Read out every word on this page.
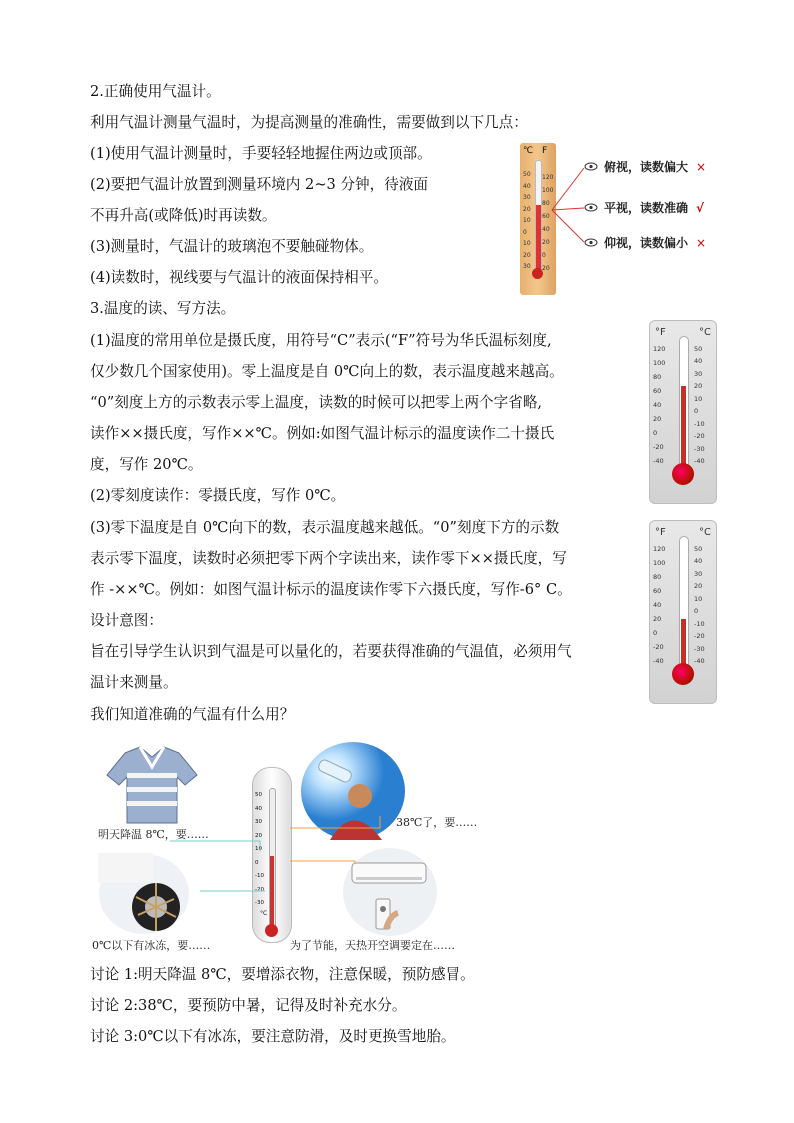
2.正确使用气温计。
利用气温计测量气温时，为提高测量的准确性，需要做到以下几点：
(1)使用气温计测量时，手要轻轻地握住两边或顶部。
(2)要把气温计放置到测量环境内 2~3 分钟，待液面
不再升高(或降低)时再读数。
(3)测量时，气温计的玻璃泡不要触碰物体。
(4)读数时，视线要与气温计的液面保持相平。
3.温度的读、写方法。
(1)温度的常用单位是摄氏度，用符号“C”表示(“F”符号为华氏温标刻度,
仅少数几个国家使用)。零上温度是自 0℃向上的数，表示温度越来越高。
“0”刻度上方的示数表示零上温度，读数的时候可以把零上两个字省略,
读作××摄氏度，写作××℃。例如:如图气温计标示的温度读作二十摄氏
度，写作 20℃。
(2)零刻度读作：零摄氏度，写作 0℃。
(3)零下温度是自 0℃向下的数，表示温度越来越低。“0”刻度下方的示数
表示零下温度，读数时必须把零下两个字读出来，读作零下××摄氏度，写
作 -××℃。例如：如图气温计标示的温度读作零下六摄氏度，写作-6° C。
设计意图：
旨在引导学生认识到气温是可以量化的，若要获得准确的气温值，必须用气
温计来测量。
我们知道准确的气温有什么用？
讨论 1:明天降温 8℃，要增添衣物，注意保暖，预防感冒。
讨论 2:38℃，要预防中暑，记得及时补充水分。
讨论 3:0℃以下有冰冻，要注意防滑，及时更换雪地胎。
℃ F
50
40
30
20
10
0
10
20
30
120
100
80
60
40
20
0
20
俯视，读数偏大 ×
平视，读数准确 √
仰视，读数偏小 ×
°F	°C
120
100
80
60
40
20
0
-20
-40
50
40
30
20
10
0
-10
-20
-30
-40
°F	°C
120
100
80
60
40
20
0
-20
-40
50
40
30
20
10
0
-10
-20
-30
-40
明天降温 8℃，要……
38℃了，要……
50
40
30
20
10
0
-10
-20
-30
°C
0℃以下有冰冻，要……	为了节能，天热开空调要定在……
